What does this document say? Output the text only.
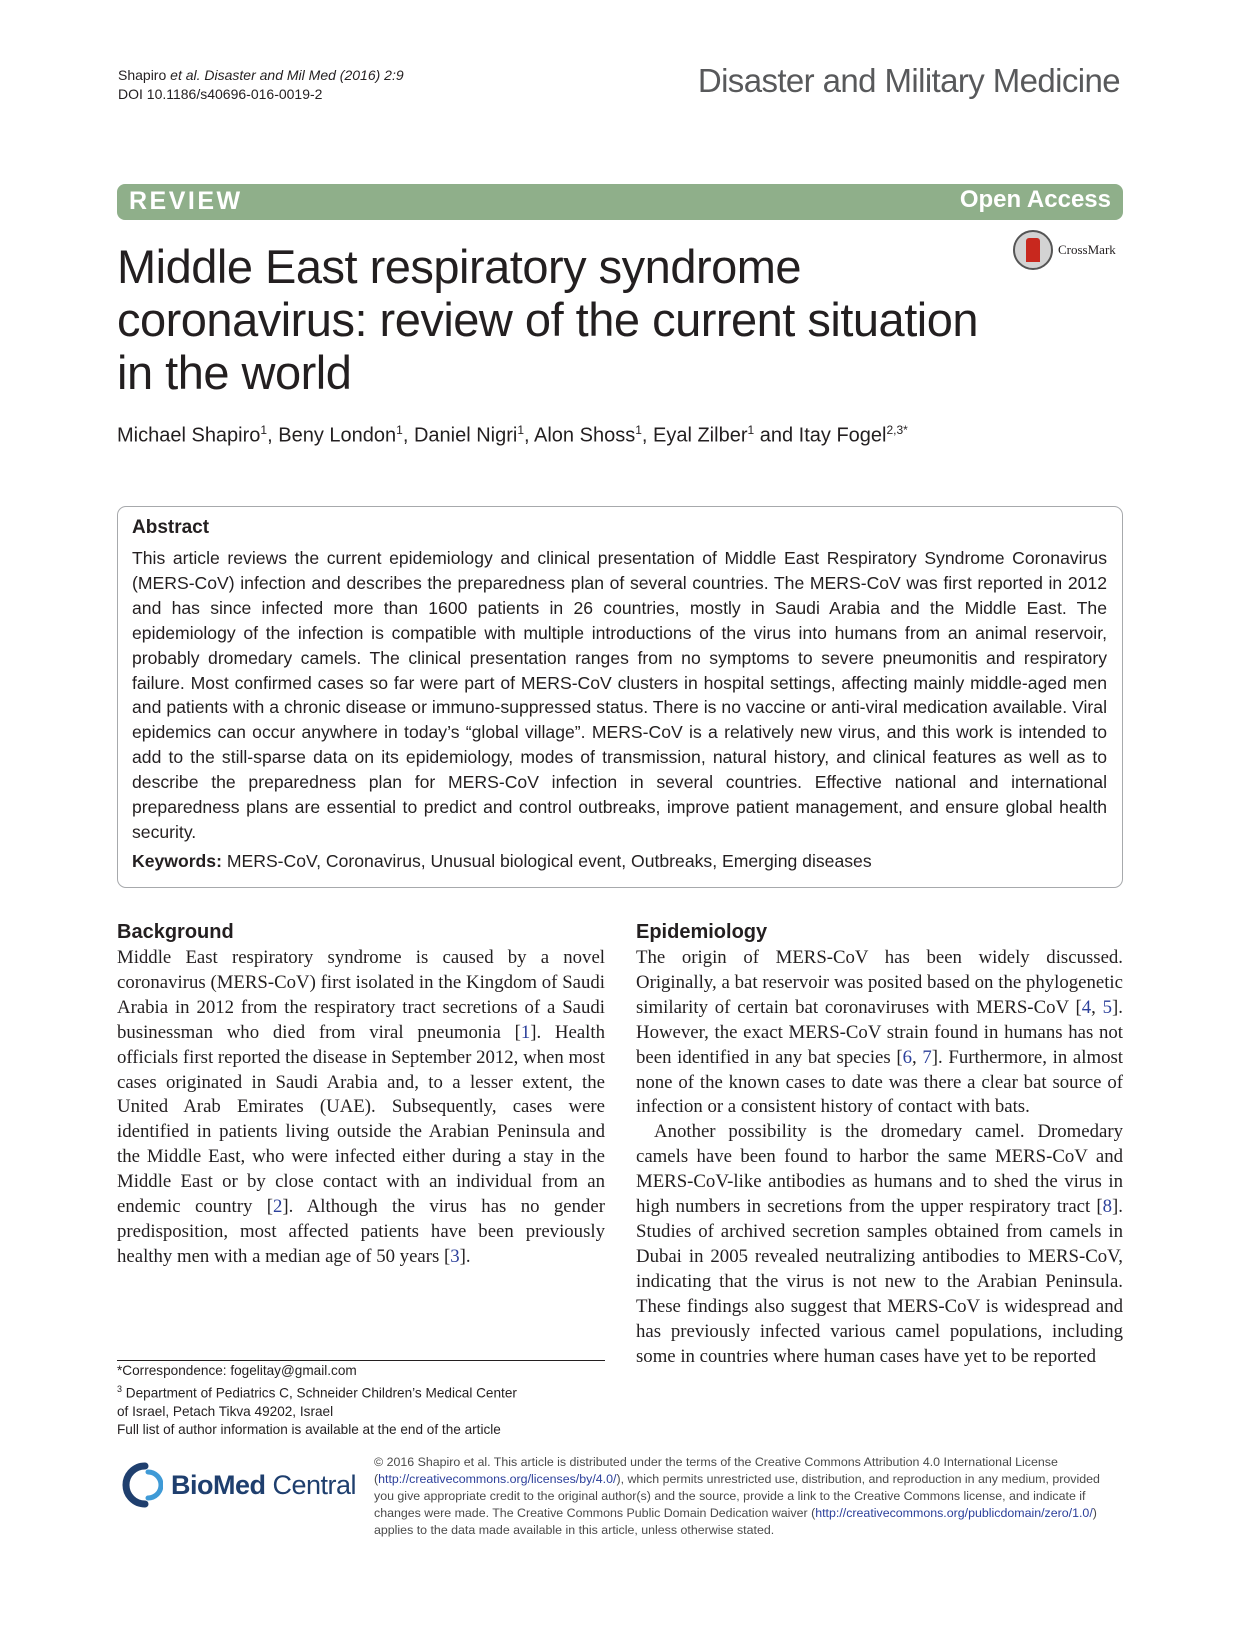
Shapiro et al. Disaster and Mil Med (2016) 2:9
DOI 10.1186/s40696-016-0019-2	Disaster and Military Medicine
REVIEW	Open Access
CrossMark
Middle East respiratory syndrome coronavirus: review of the current situation in the world
Michael Shapiro$^1$, Beny London$^1$, Daniel Nigri$^1$, Alon Shoss$^1$, Eyal Zilber$^1$ and Itay Fogel$^{2,3*}$
Abstract
This article reviews the current epidemiology and clinical presentation of Middle East Respiratory Syndrome Coronavirus (MERS-CoV) infection and describes the preparedness plan of several countries. The MERS-CoV was first reported in 2012 and has since infected more than 1600 patients in 26 countries, mostly in Saudi Arabia and the Middle East. The epidemiology of the infection is compatible with multiple introductions of the virus into humans from an animal reservoir, probably dromedary camels. The clinical presentation ranges from no symptoms to severe pneumonitis and respiratory failure. Most confirmed cases so far were part of MERS-CoV clusters in hospital settings, affecting mainly middle-aged men and patients with a chronic disease or immuno-suppressed status. There is no vaccine or anti-viral medication available. Viral epidemics can occur anywhere in today’s “global village”. MERS-CoV is a relatively new virus, and this work is intended to add to the still-sparse data on its epidemiology, modes of transmission, natural history, and clinical features as well as to describe the preparedness plan for MERS-CoV infection in several countries. Effective national and international preparedness plans are essential to predict and control outbreaks, improve patient management, and ensure global health security.
Keywords: MERS-CoV, Coronavirus, Unusual biological event, Outbreaks, Emerging diseases
Background

Middle East respiratory syndrome is caused by a novel coronavirus (MERS-CoV) first isolated in the Kingdom of Saudi Arabia in 2012 from the respiratory tract secretions of a Saudi businessman who died from viral pneumonia [1]. Health officials first reported the disease in September 2012, when most cases originated in Saudi Arabia and, to a lesser extent, the United Arab Emirates (UAE). Subsequently, cases were identified in patients living outside the Arabian Peninsula and the Middle East, who were infected either during a stay in the Middle East or by close contact with an individual from an endemic country [2]. Although the virus has no gender predisposition, most affected patients have been previously healthy men with a median age of 50 years [3].

Epidemiology

The origin of MERS-CoV has been widely discussed. Originally, a bat reservoir was posited based on the phylogenetic similarity of certain bat coronaviruses with MERS-CoV [4, 5]. However, the exact MERS-CoV strain found in humans has not been identified in any bat species [6, 7]. Furthermore, in almost none of the known cases to date was there a clear bat source of infection or a consistent history of contact with bats.

Another possibility is the dromedary camel. Dromedary camels have been found to harbor the same MERS-CoV and MERS-CoV-like antibodies as humans and to shed the virus in high numbers in secretions from the upper respiratory tract [8]. Studies of archived secretion samples obtained from camels in Dubai in 2005 revealed neutralizing antibodies to MERS-CoV, indicating that the virus is not new to the Arabian Peninsula. These findings also suggest that MERS-CoV is widespread and has previously infected various camel populations, including some in countries where human cases have yet to be reported

*Correspondence: fogelitay@gmail.com
$^3$ Department of Pediatrics C, Schneider Children’s Medical Center
of Israel, Petach Tikva 49202, Israel
Full list of author information is available at the end of the article
BioMed Central
© 2016 Shapiro et al. This article is distributed under the terms of the Creative Commons Attribution 4.0 International License (http://creativecommons.org/licenses/by/4.0/), which permits unrestricted use, distribution, and reproduction in any medium, provided you give appropriate credit to the original author(s) and the source, provide a link to the Creative Commons license, and indicate if changes were made. The Creative Commons Public Domain Dedication waiver (http://creativecommons.org/publicdomain/zero/1.0/) applies to the data made available in this article, unless otherwise stated.
